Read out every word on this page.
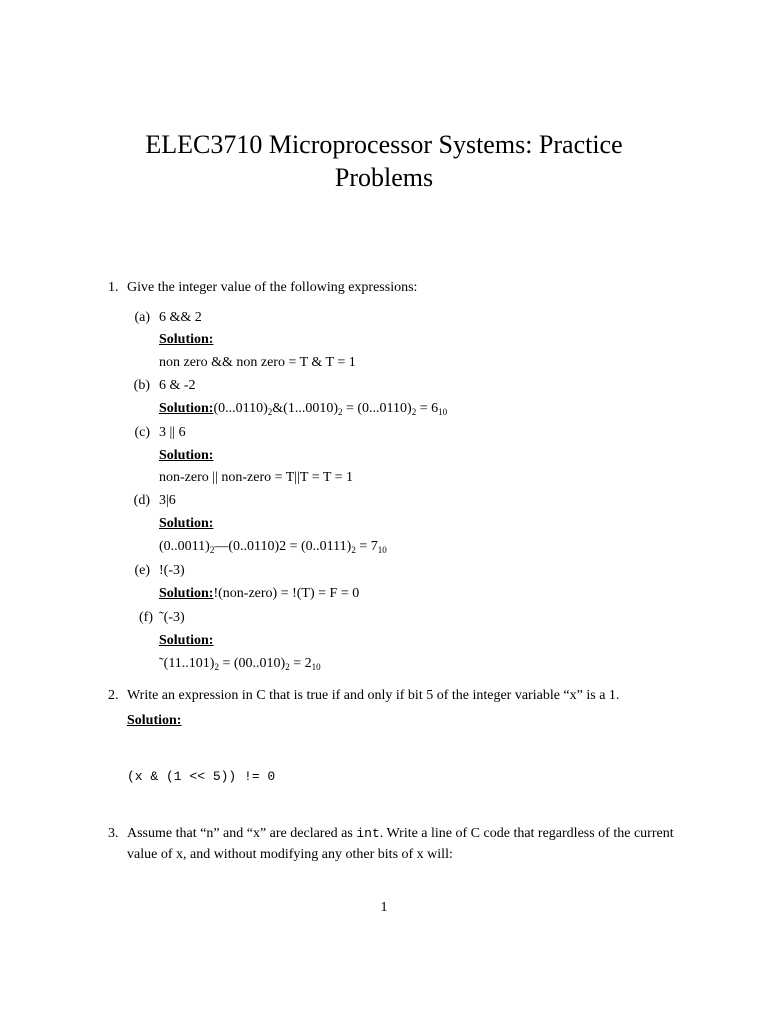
ELEC3710 Microprocessor Systems: Practice
Problems
1. Give the integer value of the following expressions:
(a) 6 && 2
Solution:
non zero && non zero = T & T = 1
(b) 6 & -2
$Solution:(0...0110)_2\&(1...0010)_2 = (0...0110)_2 = 6_{10}$
(c) 3 || 6
Solution:
non-zero || non-zero = T||T = T = 1
(d) 3|6
Solution:
$(0..0011)_2—(0..0110)2 = (0..0111)_2 = 7_{10}$
(e) !(-3)
Solution:!(non-zero) = !(T) = F = 0
(f) ˜(-3)
Solution:
$˜(11..101)_2 = (00..010)_2 = 2_{10}$
2. Write an expression in C that is true if and only if bit 5 of the integer variable “x” is a 1.
Solution:
(x & (1 << 5)) != 0
3. Assume that “n” and “x” are declared as int. Write a line of C code that regardless of the current value of x, and without modifying any other bits of x will:
1
